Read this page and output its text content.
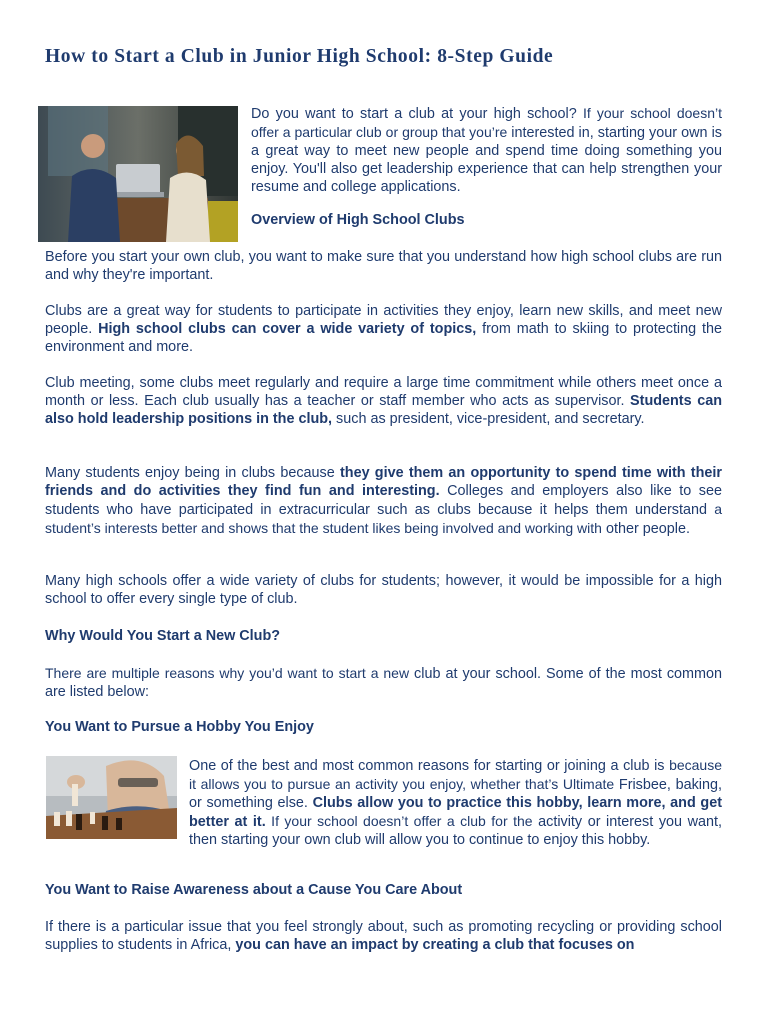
How to Start a Club in Junior High School: 8-Step Guide

Do you want to start a club at your high school? If your school doesn’t offer a particular club or group that you’re interested in, starting your own is a great way to meet new people and spend time doing something you enjoy. You'll also get leadership experience that can help strengthen your resume and college applications.

Overview of High School Clubs

Before you start your own club, you want to make sure that you understand how high school clubs are run and why they're important.

Clubs are a great way for students to participate in activities they enjoy, learn new skills, and meet new people. High school clubs can cover a wide variety of topics, from math to skiing to protecting the environment and more.

Club meeting, some clubs meet regularly and require a large time commitment while others meet once a month or less. Each club usually has a teacher or staff member who acts as supervisor. Students can also hold leadership positions in the club, such as president, vice-president, and secretary.

Many students enjoy being in clubs because they give them an opportunity to spend time with their friends and do activities they find fun and interesting. Colleges and employers also like to see students who have participated in extracurricular such as clubs because it helps them understand a student’s interests better and shows that the student likes being involved and working with other people.

Many high schools offer a wide variety of clubs for students; however, it would be impossible for a high school to offer every single type of club.

Why Would You Start a New Club?

There are multiple reasons why you’d want to start a new club at your school. Some of the most common are listed below:

You Want to Pursue a Hobby You Enjoy

One of the best and most common reasons for starting or joining a club is because it allows you to pursue an activity you enjoy, whether that’s Ultimate Frisbee, baking, or something else. Clubs allow you to practice this hobby, learn more, and get better at it. If your school doesn’t offer a club for the activity or interest you want, then starting your own club will allow you to continue to enjoy this hobby.

You Want to Raise Awareness about a Cause You Care About

If there is a particular issue that you feel strongly about, such as promoting recycling or providing school supplies to students in Africa, you can have an impact by creating a club that focuses on
